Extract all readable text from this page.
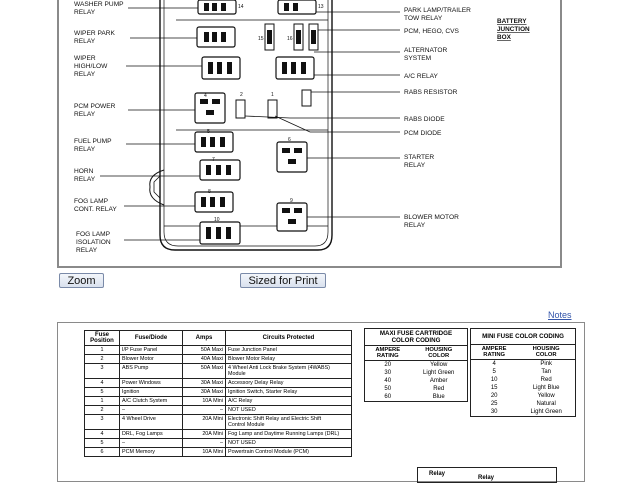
14	13
15	16
4	2	1
5
6
7
8
9
10
WASHER PUMP RELAY
WIPER PARK RELAY
WIPER HIGH/LOW RELAY
PCM POWER RELAY
FUEL PUMP RELAY
HORN RELAY
FOG LAMP CONT. RELAY
FOG LAMP ISOLATION RELAY
PARK LAMP/TRAILER TOW RELAY
PCM, HEGO, CVS
ALTERNATOR SYSTEM
A/C RELAY
RABS RESISTOR
RABS DIODE
PCM DIODE
STARTER RELAY
BLOWER MOTOR RELAY
BATTERY JUNCTION BOX
Zoom	Sized for Print
Notes
Fuse
Position	Fuse/Diode	Amps	Circuits Protected
1	I/P Fuse Panel	50A Maxi	Fuse Junction Panel
2	Blower Motor	40A Maxi	Blower Motor Relay
3	ABS Pump	50A Maxi	4 Wheel Anti Lock Brake System (4WABS)
Module
4	Power Windows	30A Maxi	Accessory Delay Relay
5	Ignition	30A Maxi	Ignition Switch, Starter Relay
1	A/C Clutch System	10A Mini	A/C Relay
2	–	–	NOT USED
3	4 Wheel Drive	20A Mini	Electronic Shift Relay and Electric Shift
Control Module
4	DRL, Fog Lamps	20A Mini	Fog Lamp and Daytime Running Lamps (DRL)
5	–	–	NOT USED
6	PCM Memory	10A Mini	Powertrain Control Module (PCM)
MAXI FUSE CARTRIDGE
COLOR CODING
AMPERE
RATING	HOUSING
COLOR
20	Yellow
30	Light Green
40	Amber
50	Red
60	Blue
MINI FUSE COLOR CODING
AMPERE
RATING	HOUSING
COLOR
4	Pink
5	Tan
10	Red
15	Light Blue
20	Yellow
25	Natural
30	Light Green
Relay
Relay
